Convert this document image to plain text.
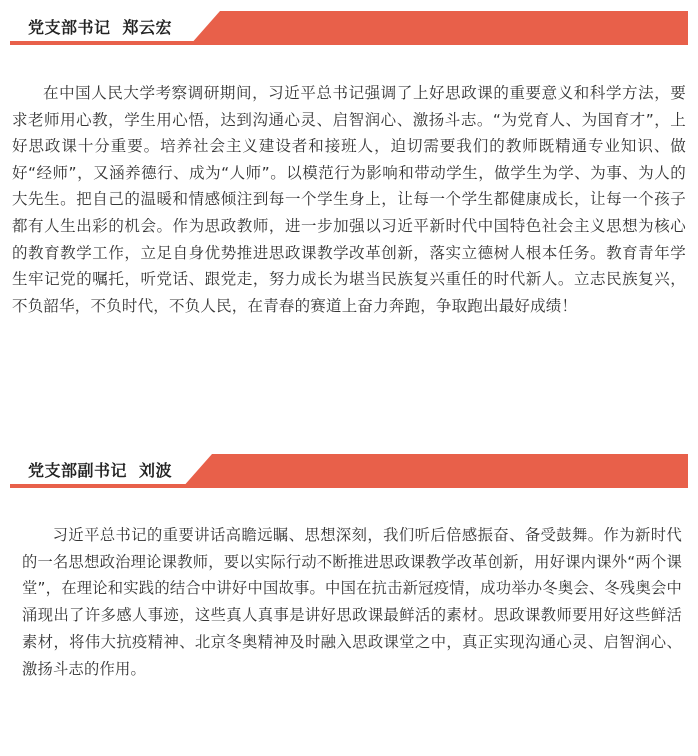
党支部书记 郑云宏

在中国人民大学考察调研期间，习近平总书记强调了上好思政课的重要意义和科学方法，要求老师用心教，学生用心悟，达到沟通心灵、启智润心、激扬斗志。“为党育人、为国育才”，上好思政课十分重要。培养社会主义建设者和接班人，迫切需要我们的教师既精通专业知识、做好“经师”，又涵养德行、成为“人师”。以模范行为影响和带动学生，做学生为学、为事、为人的大先生。把自己的温暖和情感倾注到每一个学生身上，让每一个学生都健康成长，让每一个孩子都有人生出彩的机会。作为思政教师，进一步加强以习近平新时代中国特色社会主义思想为核心的教育教学工作，立足自身优势推进思政课教学改革创新，落实立德树人根本任务。教育青年学生牢记党的嘱托，听党话、跟党走，努力成长为堪当民族复兴重任的时代新人。立志民族复兴，不负韶华，不负时代，不负人民，在青春的赛道上奋力奔跑，争取跑出最好成绩！

党支部副书记 刘波

习近平总书记的重要讲话高瞻远瞩、思想深刻，我们听后倍感振奋、备受鼓舞。作为新时代的一名思想政治理论课教师，要以实际行动不断推进思政课教学改革创新，用好课内课外“两个课堂”，在理论和实践的结合中讲好中国故事。中国在抗击新冠疫情，成功举办冬奥会、冬残奥会中涌现出了许多感人事迹，这些真人真事是讲好思政课最鲜活的素材。思政课教师要用好这些鲜活素材，将伟大抗疫精神、北京冬奥精神及时融入思政课堂之中，真正实现沟通心灵、启智润心、激扬斗志的作用。
